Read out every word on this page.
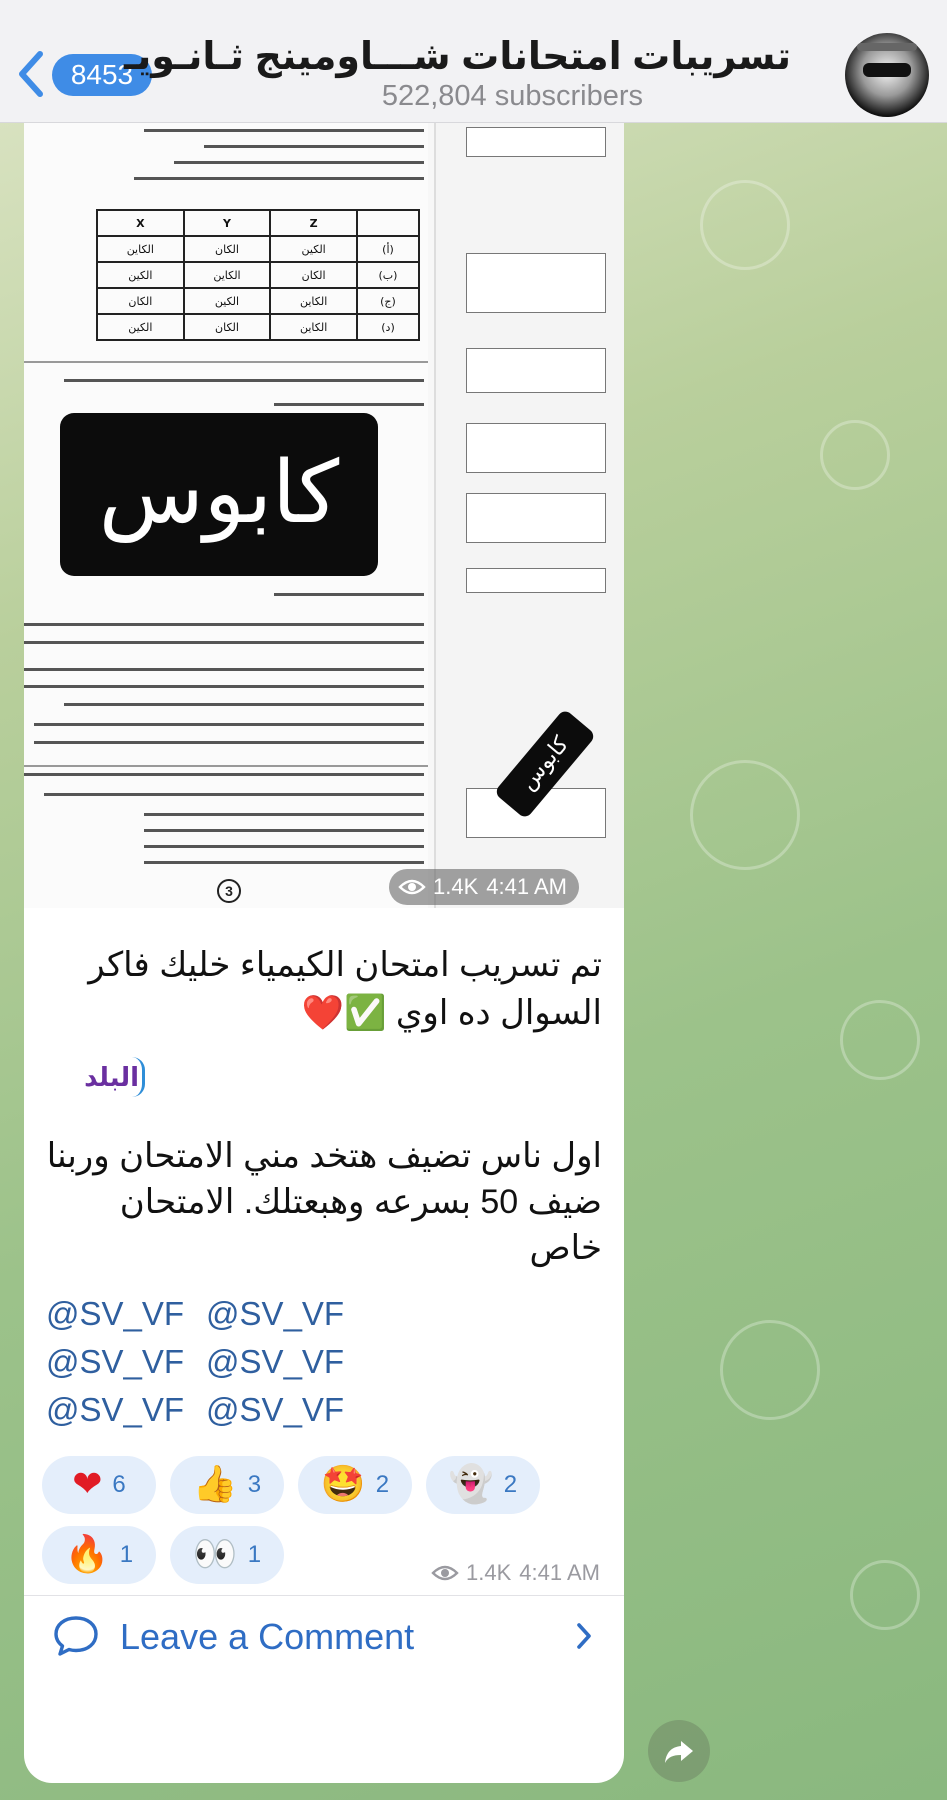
8453
تسريبات امتحانات شـــاومينج ثـانـويـ
522,804 subscribers
X	Y	Z	
الكاين	الكان	الكين	(أ)
الكين	الكاين	الكان	(ب)
الكان	الكين	الكاين	(ج)
الكين	الكان	الكاين	(د)
3
كابوس
كابوس
1.4K 4:41 AM
تم تسريب امتحان الكيمياء خليك فاكر السوال ده اوي ✅❤️
البلد
اول ناس تضيف هتخد مني الامتحان وربنا
ضيف 50 بسرعه وهبعتلك. الامتحان خاص
@SV_VF @SV_VF
@SV_VF @SV_VF
@SV_VF @SV_VF
❤ 6 👍 3 🤩 2 👻 2
🔥 1 👀 1
1.4K 4:41 AM
Leave a Comment
